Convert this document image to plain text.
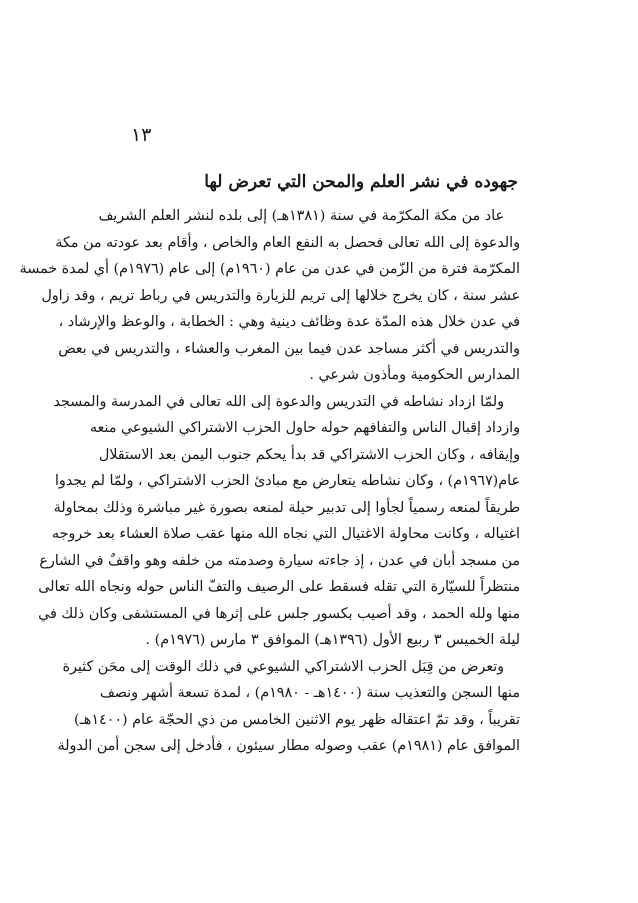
١٣
جهوده في نشر العلم والمحن التي تعرض لها
عاد من مكة المكرّمة في سنة (١٣٨١هـ) إلى بلده لنشر العلم الشريف
والدعوة إلى الله تعالى فحصل به النفع العام والخاص ، وأقام بعد عودته من مكة
المكرّمة فترة من الزّمن في عدن من عام (١٩٦٠م) إلى عام (١٩٧٦م) أي لمدة خمسة
عشر سنة ، كان يخرج خلالها إلى تريم للزيارة والتدريس في رباط تريم ، وقد زاول
في عدن خلال هذه المدّة عدة وظائف دينية وهي : الخطابة ، والوعظ والإرشاد ،
والتدريس في أكثر مساجد عدن فيما بين المغرب والعشاء ، والتدريس في بعض
المدارس الحكومية ومأذون شرعي .
ولمّا ازداد نشاطه في التدريس والدعوة إلى الله تعالى في المدرسة والمسجد
وازداد إقبال الناس والتفافهم حوله حاول الحزب الاشتراكي الشيوعي منعه
وإيقافه ، وكان الحزب الاشتراكي قد بدأ يحكم جنوب اليمن بعد الاستقلال
عام(١٩٦٧م) ، وكان نشاطه يتعارض مع مبادئ الحزب الاشتراكي ، ولمّا لم يجدوا
طريقاً لمنعه رسمياً لجأوا إلى تدبير حيلة لمنعه بصورة غير مباشرة وذلك بمحاولة
اغتياله ، وكانت محاولة الاغتيال التي نجاه الله منها عقب صلاة العشاء بعد خروجه
من مسجد أبان في عدن ، إذ جاءته سيارة وصدمته من خلفه وهو واقفٌ في الشارع
منتظراً للسيّارة التي تقله فسقط على الرصيف والتفّ الناس حوله ونجاه الله تعالى
منها ولله الحمد ، وقد أصيب بكسور جلس على إثرها في المستشفى وكان ذلك في
ليلة الخميس ٣ ربيع الأول (١٣٩٦هـ) الموافق ٣ مارس (١٩٧٦م) .
وتعرض من قِبَل الحزب الاشتراكي الشيوعي في ذلك الوقت إلى محَن كثيرة
منها السجن والتعذيب سنة (١٤٠٠هـ - ١٩٨٠م) ، لمدة تسعة أشهر ونصف
تقريباً ، وقد تمّ اعتقاله ظهر يوم الاثنين الخامس من ذي الحجّة عام (١٤٠٠هـ)
الموافق عام (١٩٨١م) عقب وصوله مطار سيئون ، فأدخل إلى سجن أمن الدولة
